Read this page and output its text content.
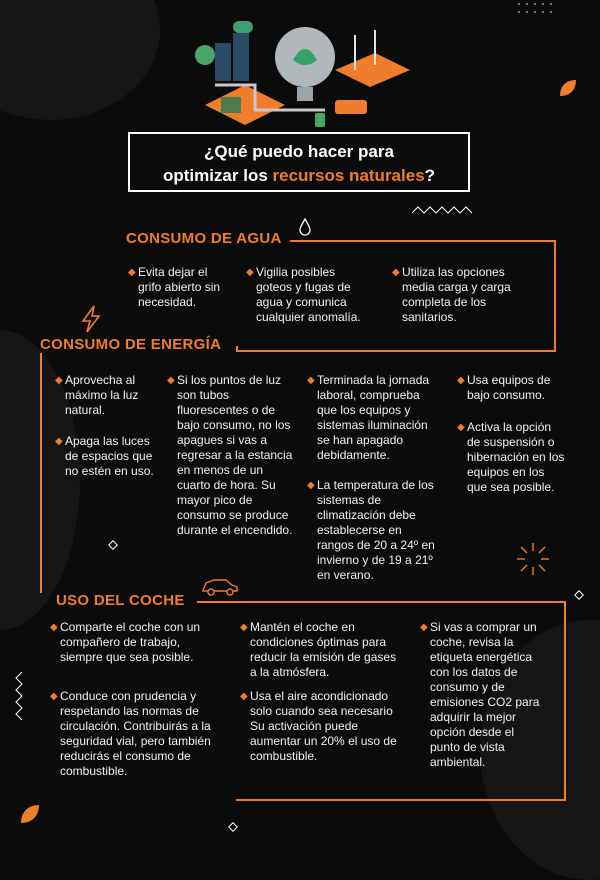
¿Qué puedo hacer para
optimizar los recursos naturales?
CONSUMO DE AGUA
◆ Evita dejar el grifo abierto sin necesidad.
◆ Vigilia posibles goteos y fugas de agua y comunica cualquier anomalía.
◆ Utiliza las opciones media carga y carga completa de los sanitarios.
CONSUMO DE ENERGÍA
◆ Aprovecha al máximo la luz natural.
◆ Apaga las luces de espacios que no estén en uso.
◆ Si los puntos de luz son tubos fluorescentes o de bajo consumo, no los apagues si vas a regresar a la estancia en menos de un cuarto de hora. Su mayor pico de consumo se produce durante el encendido.
◆ Terminada la jornada laboral, comprueba que los equipos y sistemas iluminación se han apagado debidamente.
◆ La temperatura de los sistemas de climatización debe establecerse en rangos de 20 a 24º en invierno y de 19 a 21º en verano.
◆ Usa equipos de bajo consumo.
◆ Activa la opción de suspensión o hibernación en los equipos en los que sea posible.
USO DEL COCHE
◆ Comparte el coche con un compañero de trabajo, siempre que sea posible.
◆ Conduce con prudencia y respetando las normas de circulación. Contribuirás a la seguridad vial, pero también reducirás el consumo de combustible.
◆ Mantén el coche en condiciones óptimas para reducir la emisión de gases a la atmósfera.
◆ Usa el aire acondicionado solo cuando sea necesario Su activación puede aumentar un 20% el uso de combustible.
◆ Si vas a comprar un coche, revisa la etiqueta energética con los datos de consumo y de emisiones CO2 para adquirir la mejor opción desde el punto de vista ambiental.
